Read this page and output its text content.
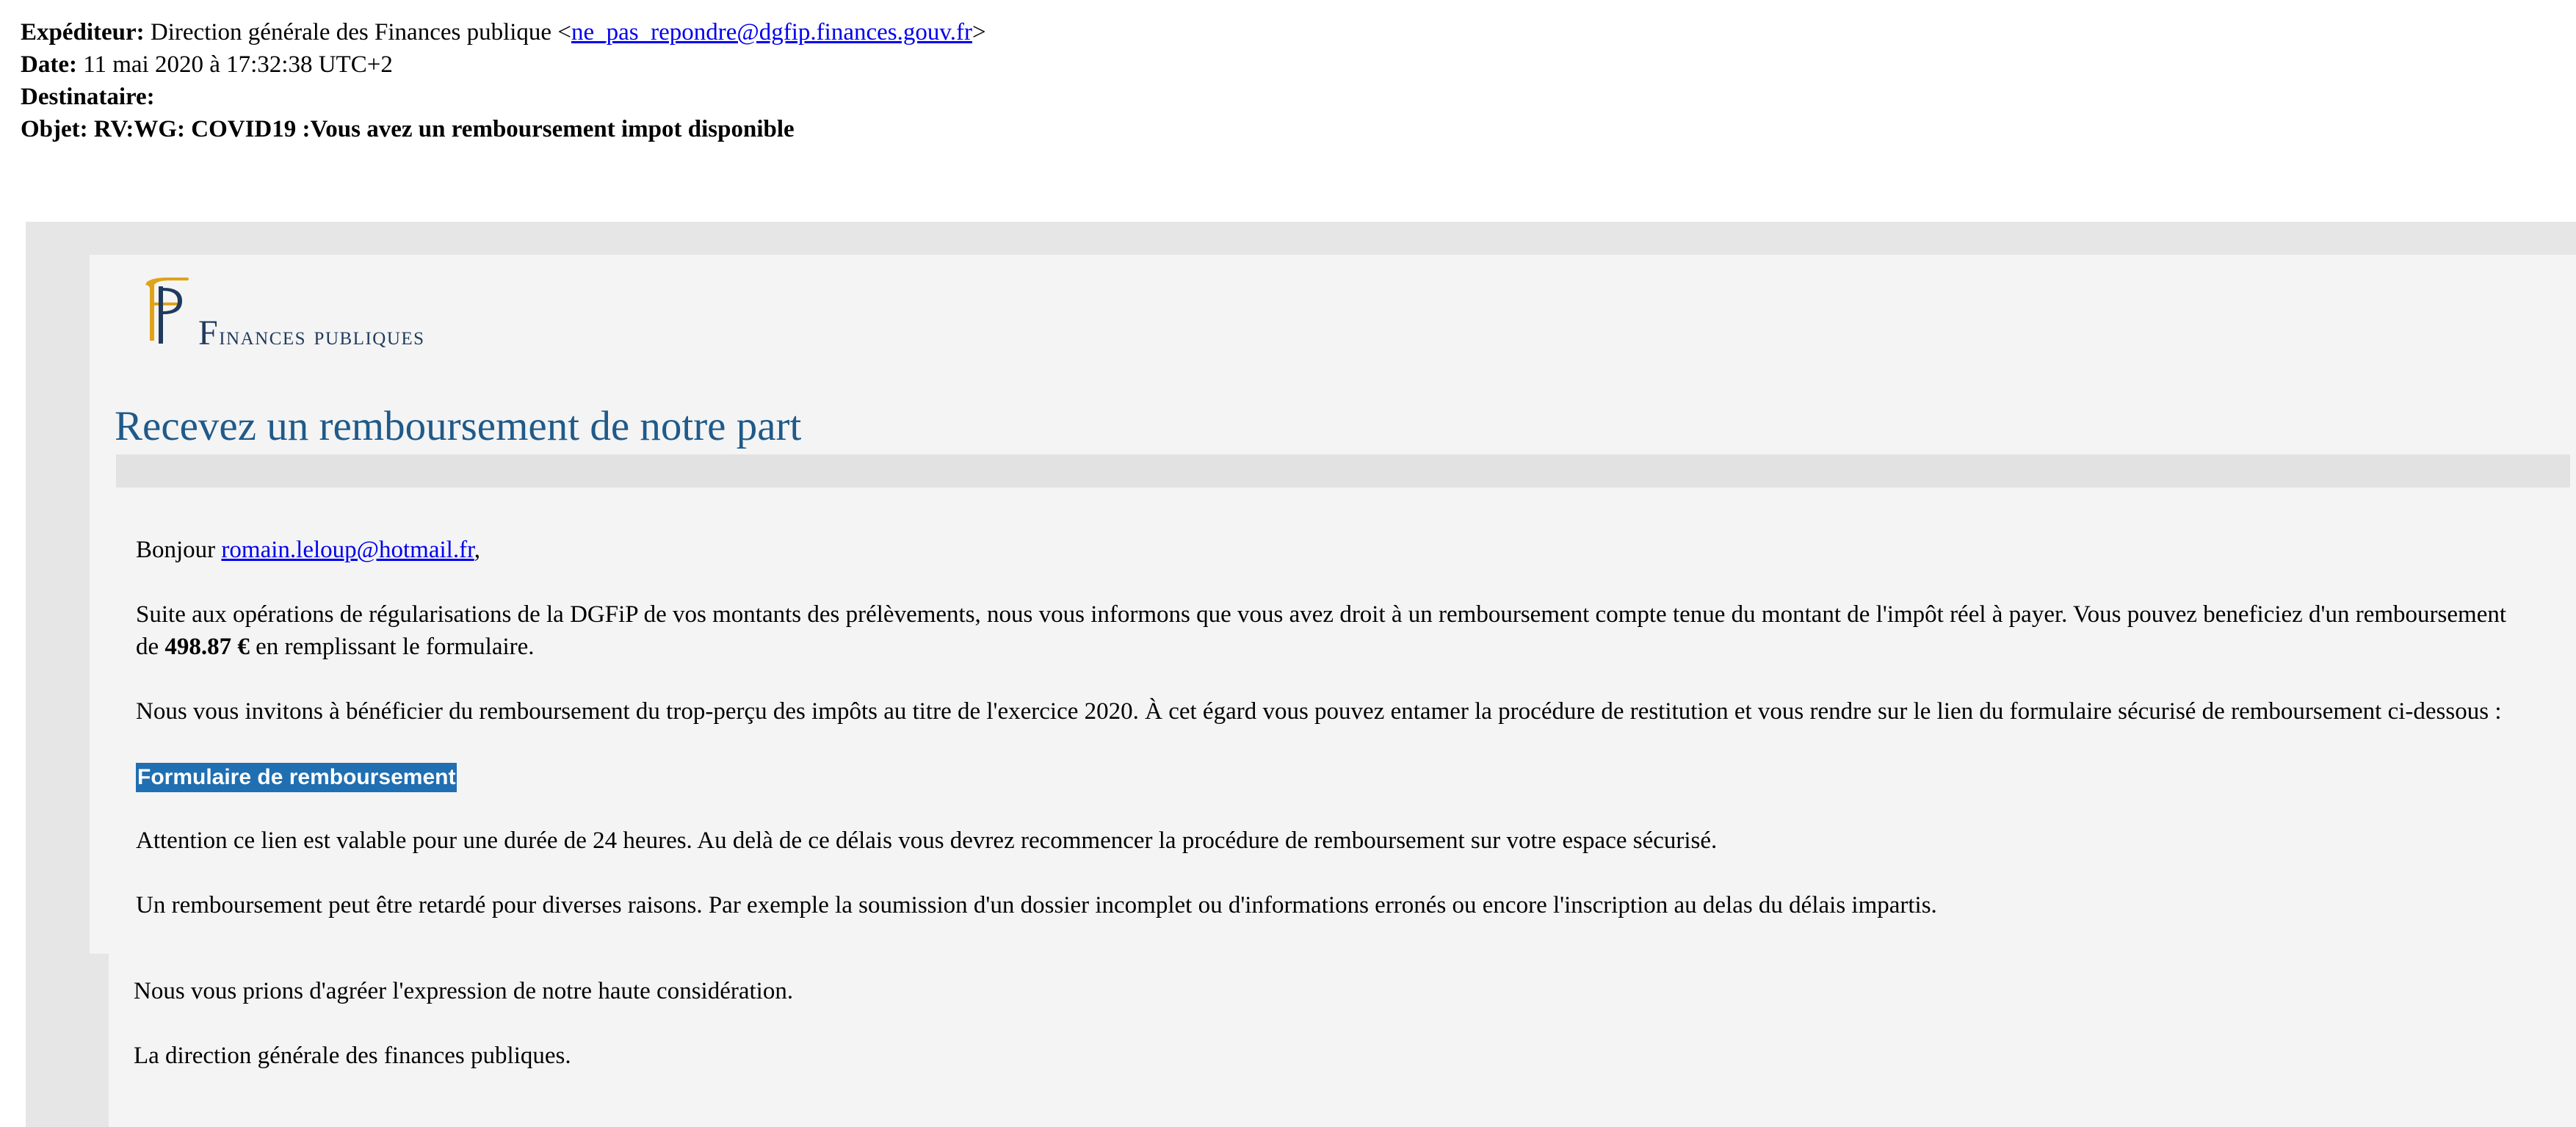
Expéditeur: Direction générale des Finances publique <ne_pas_repondre@dgfip.finances.gouv.fr>
Date: 11 mai 2020 à 17:32:38 UTC+2
Destinataire:
Objet: RV:WG: COVID19 :Vous avez un remboursement impot disponible
Finances publiques
Recevez un remboursement de notre part

Bonjour romain.leloup@hotmail.fr,

Suite aux opérations de régularisations de la DGFiP de vos montants des prélèvements, nous vous informons que vous avez droit à un remboursement compte tenue du montant de l'impôt réel à payer. Vous pouvez beneficiez d'un remboursement de 498.87 € en remplissant le formulaire.

Nous vous invitons à bénéficier du remboursement du trop-perçu des impôts au titre de l'exercice 2020. À cet égard vous pouvez entamer la procédure de restitution et vous rendre sur le lien du formulaire sécurisé de remboursement ci-dessous :

Formulaire de remboursement

Attention ce lien est valable pour une durée de 24 heures. Au delà de ce délais vous devrez recommencer la procédure de remboursement sur votre espace sécurisé.

Un remboursement peut être retardé pour diverses raisons. Par exemple la soumission d'un dossier incomplet ou d'informations erronés ou encore l'inscription au delas du délais impartis.

Nous vous prions d'agréer l'expression de notre haute considération.

La direction générale des finances publiques.
